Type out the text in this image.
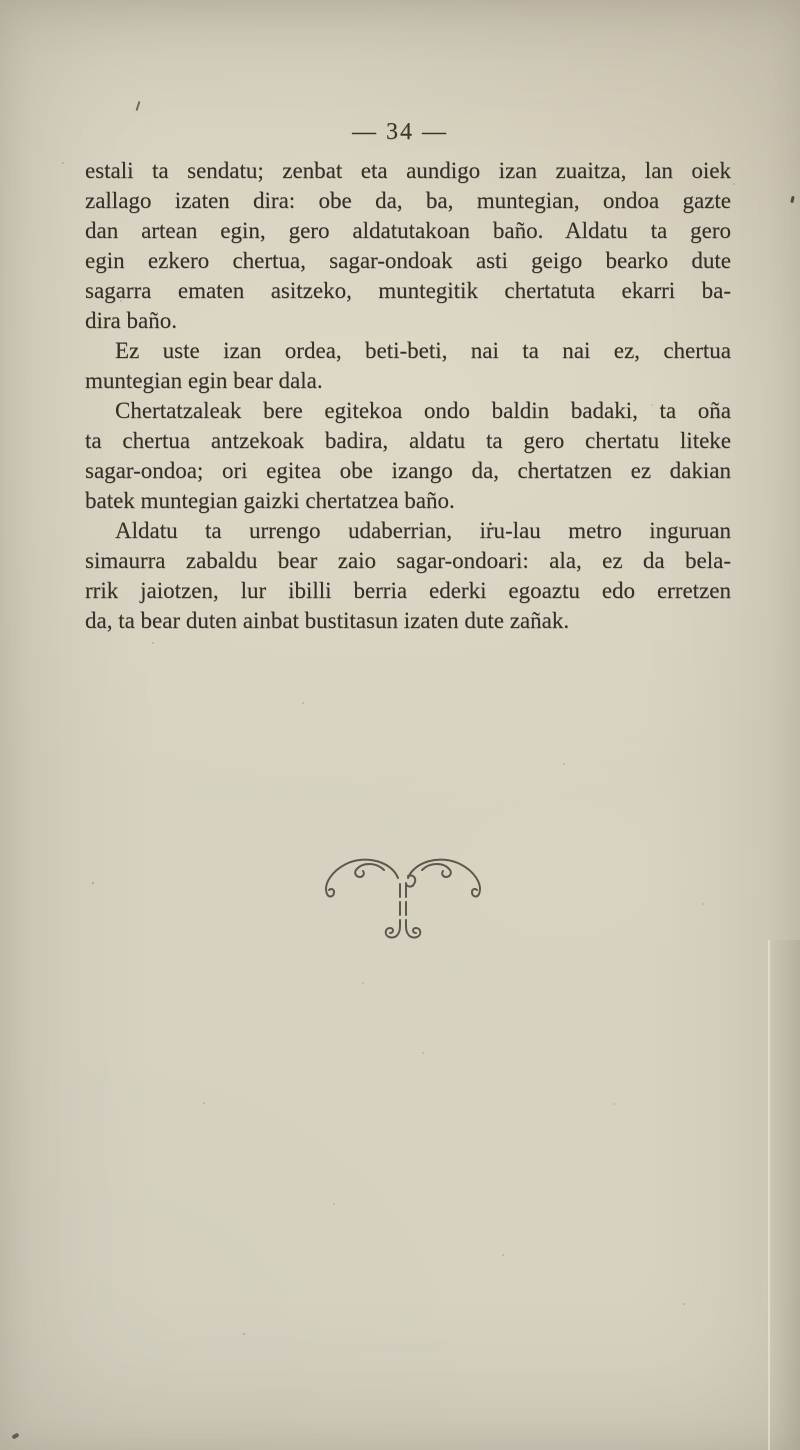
— 34 —
estali ta sendatu; zenbat eta aundigo izan zuaitza, lan oiek
zallago izaten dira: obe da, ba, muntegian, ondoa gazte
dan artean egin, gero aldatutakoan baño. Aldatu ta gero
egin ezkero chertua, sagar-ondoak asti geigo bearko dute
sagarra ematen asitzeko, muntegitik chertatuta ekarri ba-
dira baño.
Ez uste izan ordea, beti-beti, nai ta nai ez, chertua
muntegian egin bear dala.
Chertatzaleak bere egitekoa ondo baldin badaki, ta oña
ta chertua antzekoak badira, aldatu ta gero chertatu liteke
sagar-ondoa; ori egitea obe izango da, chertatzen ez dakian
batek muntegian gaizki chertatzea baño.
Aldatu ta urrengo udaberrian, iṙu-lau metro inguruan
simaurra zabaldu bear zaio sagar-ondoari: ala, ez da bela-
rrik jaiotzen, lur ibilli berria ederki egoaztu edo erretzen
da, ta bear duten ainbat bustitasun izaten dute zañak.
